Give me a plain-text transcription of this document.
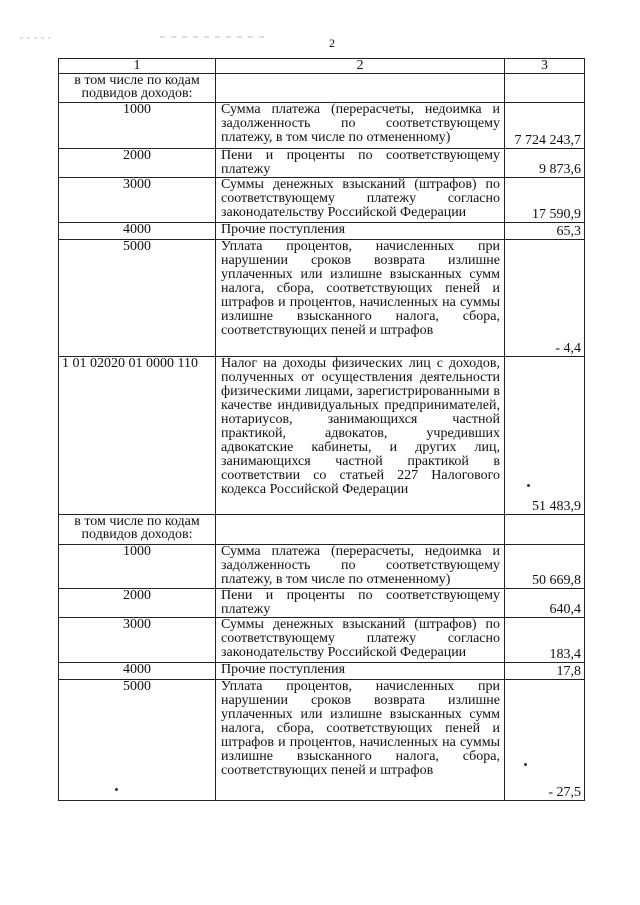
2
1	2	3

в том числе по кодам подвидов доходов:		

1000	Сумма платежа (перерасчеты, недоимка и задолженность по соответствующему платежу, в том числе по отмененному)	7 724 243,7
2000	Пени и проценты по соответствующему платежу	9 873,6
3000	Суммы денежных взысканий (штрафов) по соответствующему платежу согласно законодательству Российской Федерации	17 590,9
4000	Прочие поступления	65,3
5000	Уплата процентов, начисленных при нарушении сроков возврата излишне уплаченных или излишне взысканных сумм налога, сбора, соответствующих пеней и штрафов и процентов, начисленных на суммы излишне взысканного налога, сбора, соответствующих пеней и штрафов	- 4,4
1 01 02020 01 0000 110	Налог на доходы физических лиц с доходов, полученных от осуществления деятельности физическими лицами, зарегистрированными в качестве индивидуальных предпринимателей, нотариусов, занимающихся частной практикой, адвокатов, учредивших адвокатские кабинеты, и других лиц, занимающихся частной практикой в соответствии со статьей 227 Налогового кодекса Российской Федерации	51 483,9

в том числе по кодам подвидов доходов:		

1000	Сумма платежа (перерасчеты, недоимка и задолженность по соответствующему платежу, в том числе по отмененному)	50 669,8
2000	Пени и проценты по соответствующему платежу	640,4
3000	Суммы денежных взысканий (штрафов) по соответствующему платежу согласно законодательству Российской Федерации	183,4
4000	Прочие поступления	17,8
5000	Уплата процентов, начисленных при нарушении сроков возврата излишне уплаченных или излишне взысканных сумм налога, сбора, соответствующих пеней и штрафов и процентов, начисленных на суммы излишне взысканного налога, сбора, соответствующих пеней и штрафов	- 27,5
